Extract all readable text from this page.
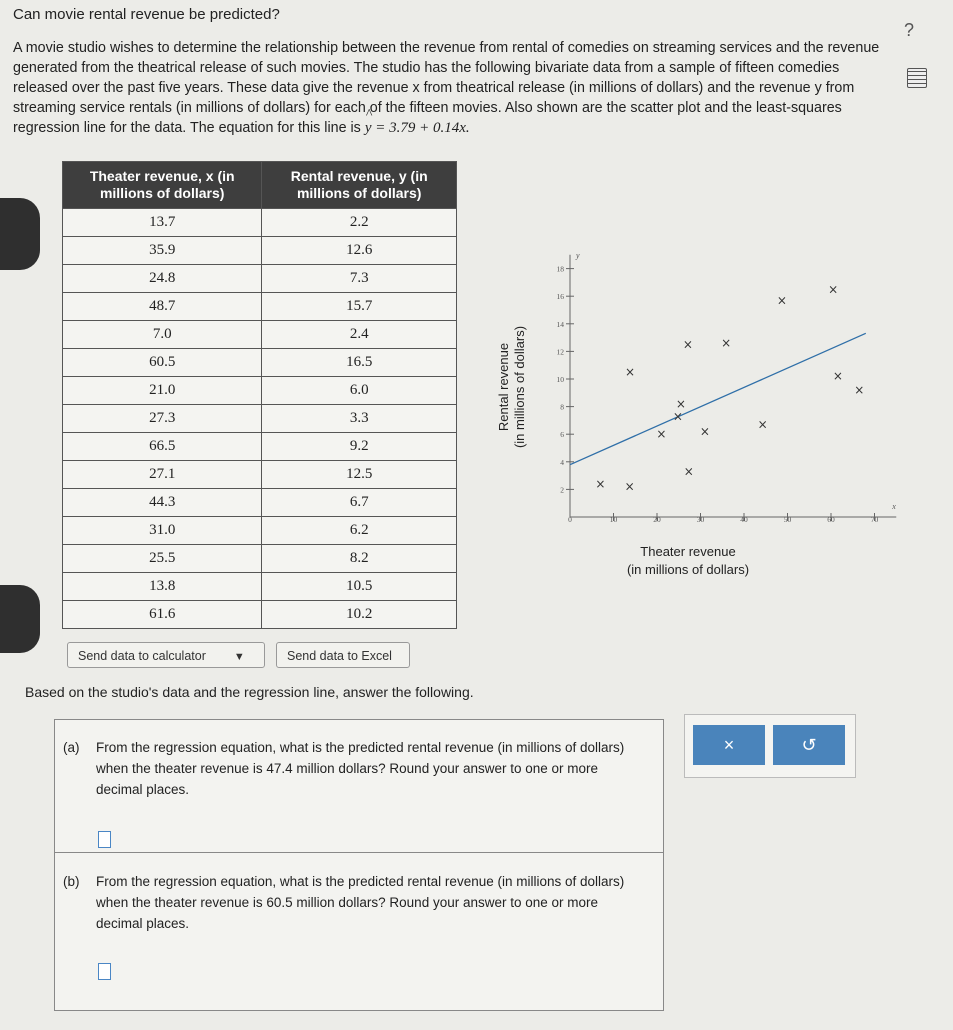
Can movie rental revenue be predicted?
?

A movie studio wishes to determine the relationship between the revenue from rental of comedies on streaming services and the revenue generated from the theatrical release of such movies. The studio has the following bivariate data from a sample of fifteen comedies released over the past five years. These data give the revenue x from theatrical release (in millions of dollars) and the revenue y from streaming service rentals (in millions of dollars) for each of the fifteen movies. Also shown are the scatter plot and the least-squares regression line for the data. The equation for this line is ^ y = 3.79 + 0.14x.

Theater revenue, x (in millions of dollars)	Rental revenue, y (in millions of dollars)
13.7	2.2
35.9	12.6
24.8	7.3
48.7	15.7
7.0	2.4
60.5	16.5
21.0	6.0
27.3	3.3
66.5	9.2
27.1	12.5
44.3	6.7
31.0	6.2
25.5	8.2
13.8	10.5
61.6	10.2
Send data to calculator	▼	Send data to Excel
0	10	20	30	40	50	60	70
2
4
6
8
10
12
14
16
18
x
y
×
×
×
×
×
×
×
×
×
×
×
×
×
×	×
Rental revenue (in millions of dollars)
Theater revenue
(in millions of dollars)
Based on the studio's data and the regression line, answer the following.
(a) From the regression equation, what is the predicted rental revenue (in millions of dollars) when the theater revenue is 47.4 million dollars? Round your answer to one or more decimal places.
(b) From the regression equation, what is the predicted rental revenue (in millions of dollars) when the theater revenue is 60.5 million dollars? Round your answer to one or more decimal places.
×	↺
